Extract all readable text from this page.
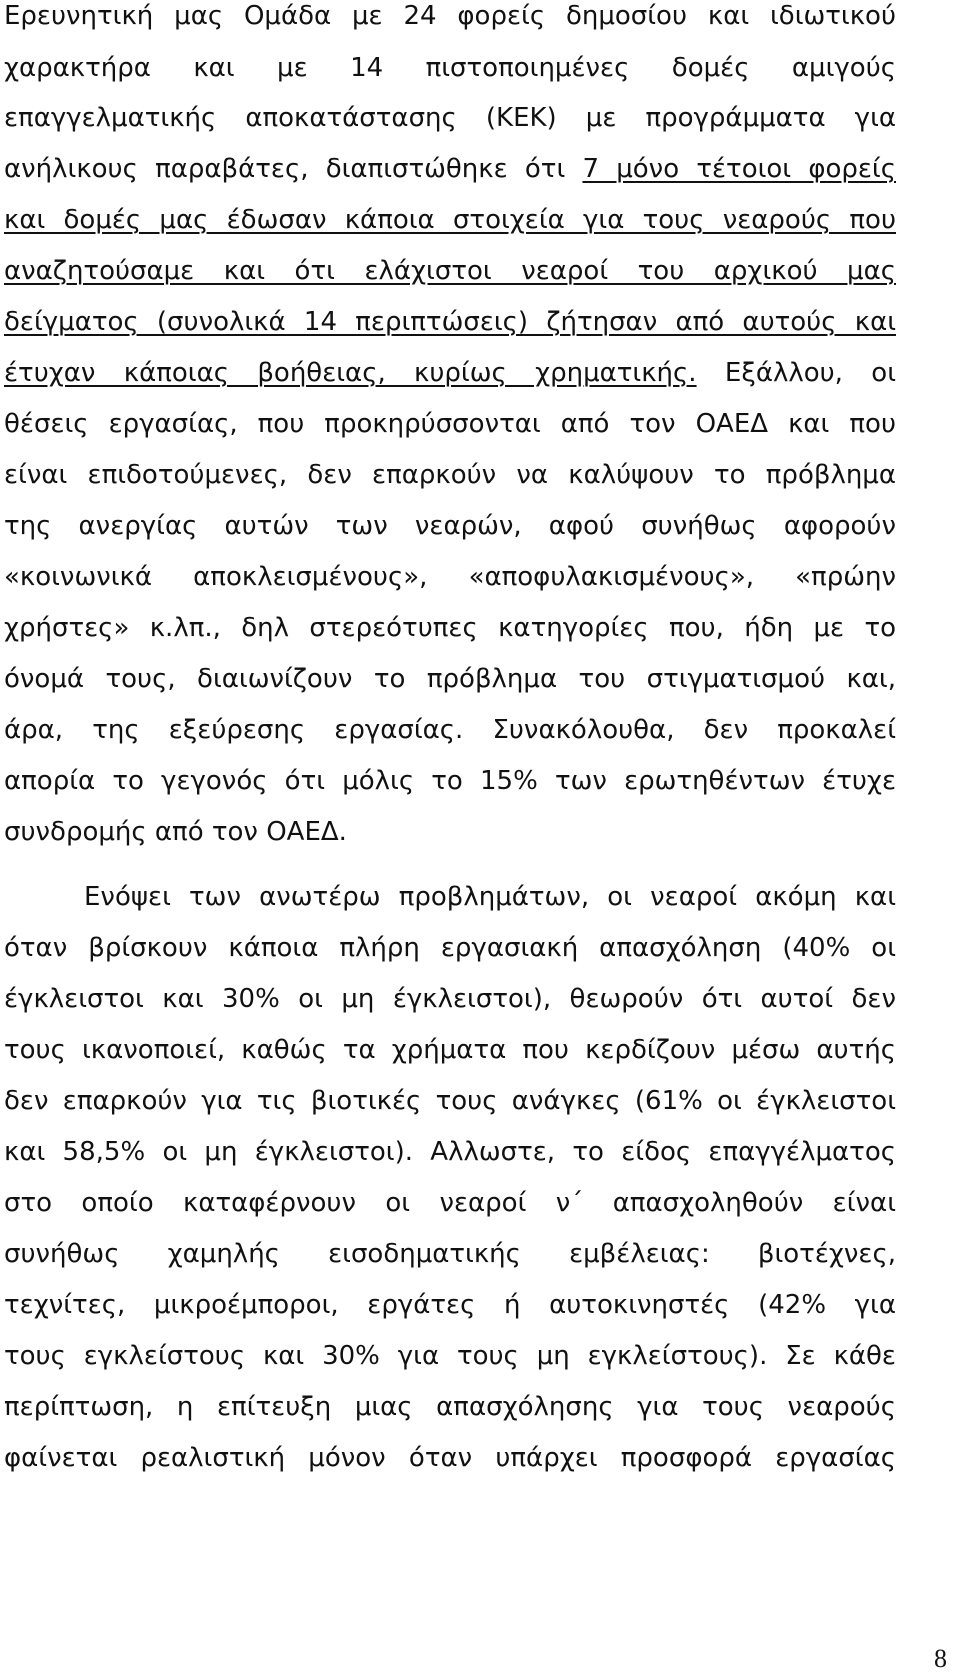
Ερευνητική μας Ομάδα με 24 φορείς δημοσίου και ιδιωτικού
χαρακτήρα και με 14 πιστοποιημένες δομές αμιγούς
επαγγελματικής αποκατάστασης (ΚΕΚ) με προγράμματα για
ανήλικους παραβάτες, διαπιστώθηκε ότι 7 μόνο τέτοιοι φορείς
και δομές μας έδωσαν κάποια στοιχεία για τους νεαρούς που
αναζητούσαμε και ότι ελάχιστοι νεαροί του αρχικού μας
δείγματος (συνολικά 14 περιπτώσεις) ζήτησαν από αυτούς και
έτυχαν κάποιας βοήθειας, κυρίως χρηματικής. Εξάλλου, οι
θέσεις εργασίας, που προκηρύσσονται από τον ΟΑΕΔ και που
είναι επιδοτούμενες, δεν επαρκούν να καλύψουν το πρόβλημα
της ανεργίας αυτών των νεαρών, αφού συνήθως αφορούν
«κοινωνικά αποκλεισμένους», «αποφυλακισμένους», «πρώην
χρήστες» κ.λπ., δηλ στερεότυπες κατηγορίες που, ήδη με το
όνομά τους, διαιωνίζουν το πρόβλημα του στιγματισμού και,
άρα, της εξεύρεσης εργασίας. Συνακόλουθα, δεν προκαλεί
απορία το γεγονός ότι μόλις το 15% των ερωτηθέντων έτυχε
συνδρομής από τον ΟΑΕΔ.
Ενόψει των ανωτέρω προβλημάτων, οι νεαροί ακόμη και
όταν βρίσκουν κάποια πλήρη εργασιακή απασχόληση (40% οι
έγκλειστοι και 30% οι μη έγκλειστοι), θεωρούν ότι αυτοί δεν
τους ικανοποιεί, καθώς τα χρήματα που κερδίζουν μέσω αυτής
δεν επαρκούν για τις βιοτικές τους ανάγκες (61% οι έγκλειστοι
και 58,5% οι μη έγκλειστοι). Αλλωστε, το είδος επαγγέλματος
στο οποίο καταφέρνουν οι νεαροί ν΄ απασχοληθούν είναι
συνήθως χαμηλής εισοδηματικής εμβέλειας: βιοτέχνες,
τεχνίτες, μικροέμποροι, εργάτες ή αυτοκινηστές (42% για
τους εγκλείστους και 30% για τους μη εγκλείστους). Σε κάθε
περίπτωση, η επίτευξη μιας απασχόλησης για τους νεαρούς
φαίνεται ρεαλιστική μόνον όταν υπάρχει προσφορά εργασίας
8
